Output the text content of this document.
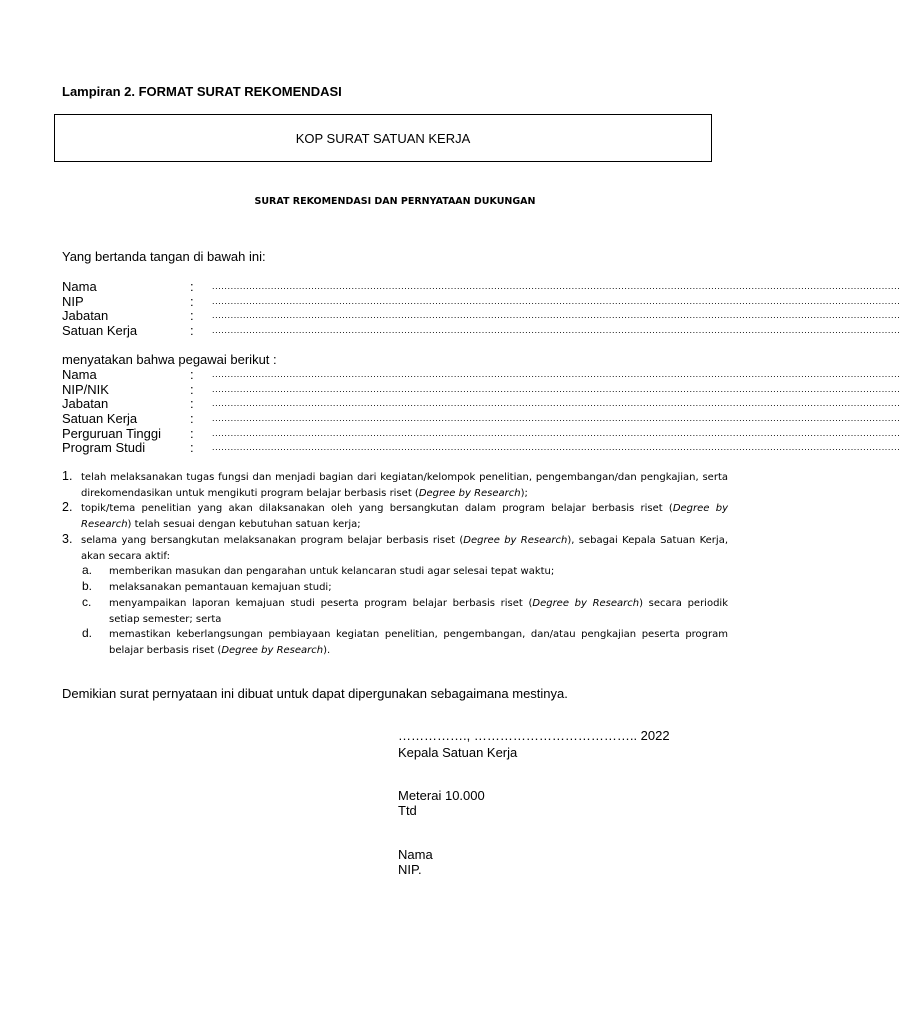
Lampiran 2. FORMAT SURAT REKOMENDASI
KOP SURAT SATUAN KERJA
SURAT REKOMENDASI DAN PERNYATAAN DUKUNGAN
Yang bertanda tangan di bawah ini:
Nama	: ..............................................................................................................................................................................................................................
NIP	: ..............................................................................................................................................................................................................................
Jabatan	: ..............................................................................................................................................................................................................................
Satuan Kerja	: ..............................................................................................................................................................................................................................
menyatakan bahwa pegawai berikut :
Nama	: ..............................................................................................................................................................................................................................
NIP/NIK	: ..............................................................................................................................................................................................................................
Jabatan	: ..............................................................................................................................................................................................................................
Satuan Kerja	: ..............................................................................................................................................................................................................................
Perguruan Tinggi : ..............................................................................................................................................................................................................................
Program Studi	: ..............................................................................................................................................................................................................................
1. telah melaksanakan tugas fungsi dan menjadi bagian dari kegiatan/kelompok penelitian, pengembangan/dan pengkajian, serta direkomendasikan untuk mengikuti program belajar berbasis riset (Degree by Research);
2. topik/tema penelitian yang akan dilaksanakan oleh yang bersangkutan dalam program belajar berbasis riset (Degree by Research) telah sesuai dengan kebutuhan satuan kerja;
3. selama yang bersangkutan melaksanakan program belajar berbasis riset (Degree by Research), sebagai Kepala Satuan Kerja, akan secara aktif:
a. memberikan masukan dan pengarahan untuk kelancaran studi agar selesai tepat waktu;
b. melaksanakan pemantauan kemajuan studi;
c. menyampaikan laporan kemajuan studi peserta program belajar berbasis riset (Degree by Research) secara periodik setiap semester; serta
d. memastikan keberlangsungan pembiayaan kegiatan penelitian, pengembangan, dan/atau pengkajian peserta program belajar berbasis riset (Degree by Research).
Demikian surat pernyataan ini dibuat untuk dapat dipergunakan sebagaimana mestinya.
……………., ……………………………….. 2022
Kepala Satuan Kerja
Meterai 10.000
Ttd
Nama
NIP.
